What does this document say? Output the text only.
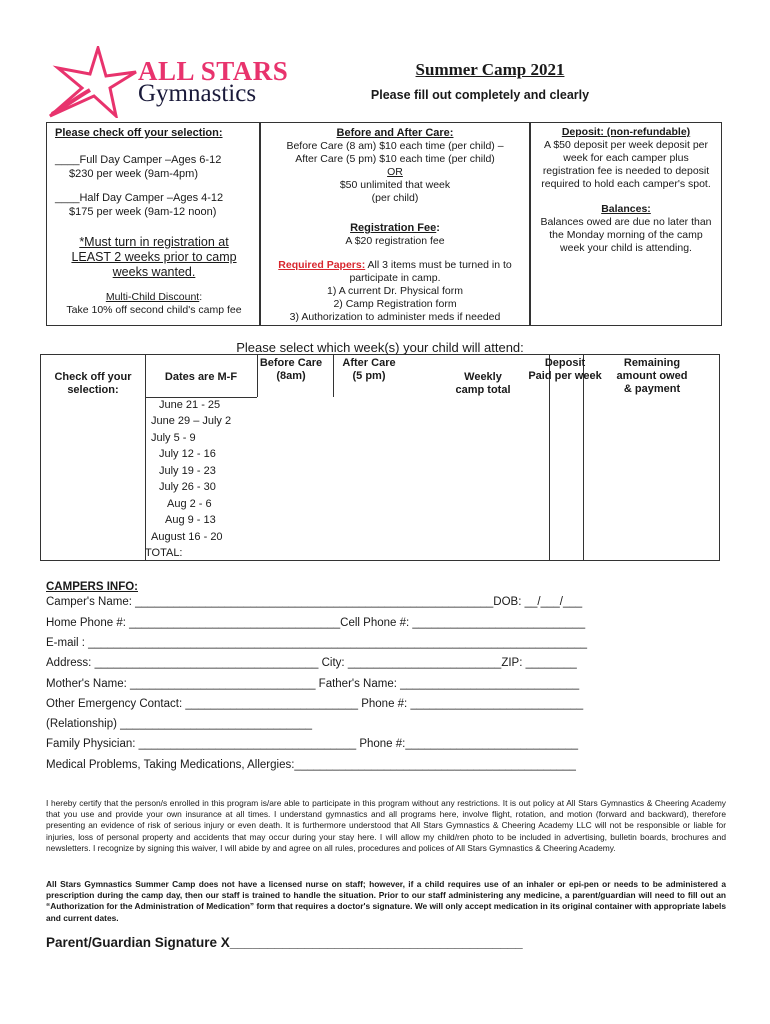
ALL STARS
Gymnastics
Summer Camp 2021
Please fill out completely and clearly
Please check off your selection:
____Full Day Camper –Ages 6-12
$230 per week (9am-4pm)
____Half Day Camper –Ages 4-12
$175 per week (9am-12 noon)
*Must turn in registration at
LEAST 2 weeks prior to camp
weeks wanted.
Multi-Child Discount:
Take 10% off second child's camp fee
Before and After Care:
Before Care (8 am) $10 each time (per child) –
After Care (5 pm) $10 each time (per child)
OR
$50 unlimited that week
(per child)
Registration Fee:
A $20 registration fee
Required Papers: All 3 items must be turned in to
participate in camp.
1) A current Dr. Physical form
2) Camp Registration form
3) Authorization to administer meds if needed
Deposit: (non-refundable)
A $50 deposit per week deposit per
week for each camper plus
registration fee is needed to deposit
required to hold each camper's spot.
Balances:
Balances owed are due no later than
the Monday morning of the camp
week your child is attending.
Please select which week(s) your child will attend:
Check off your
selection:
Dates are M-F
Before Care
(8am)
After Care
(5 pm)	Weekly
camp total
Deposit
Paid per week
Remaining
amount owed
& payment
June 21 - 25
June 29 – July 2
July 5 - 9
July 12 - 16
July 19 - 23
July 26 - 30
Aug 2 - 6
Aug 9 - 13
August 16 - 20
TOTAL:
CAMPERS INFO:
Camper's Name: ________________________________________________________DOB: __/___/___
Home Phone #: _________________________________Cell Phone #: ___________________________
E-mail : ______________________________________________________________________________
Address: ___________________________________ City: ________________________ZIP: ________
Mother's Name: _____________________________ Father's Name: ____________________________
Other Emergency Contact: ___________________________ Phone #: ___________________________
(Relationship) ______________________________
Family Physician: __________________________________ Phone #:___________________________
Medical Problems, Taking Medications, Allergies:____________________________________________
I hereby certify that the person/s enrolled in this program is/are able to participate in this program without any restrictions. It is out policy at All Stars Gymnastics & Cheering Academy that you use and provide your own insurance at all times. I understand gymnastics and all programs here, involve flight, rotation, and motion (forward and backward), therefore presenting an evidence of risk of serious injury or even death. It is furthermore understood that All Stars Gymnastics & Cheering Academy LLC will not be responsible or liable for injuries, loss of personal property and accidents that may occur during your stay here. I will allow my child/ren photo to be included in advertising, bulletin boards, brochures and newsletters. I recognize by signing this waiver, I will abide by and agree on all rules, procedures and polices of All Stars Gymnastics & Cheering Academy.
All Stars Gymnastics Summer Camp does not have a licensed nurse on staff; however, if a child requires use of an inhaler or epi-pen or needs to be administered a prescription during the camp day, then our staff is trained to handle the situation. Prior to our staff administering any medicine, a parent/guardian will need to fill out an “Authorization for the Administration of Medication” form that requires a doctor's signature. We will only accept medication in its original container with appropriate labels and current dates.
Parent/Guardian Signature X_______________________________________
